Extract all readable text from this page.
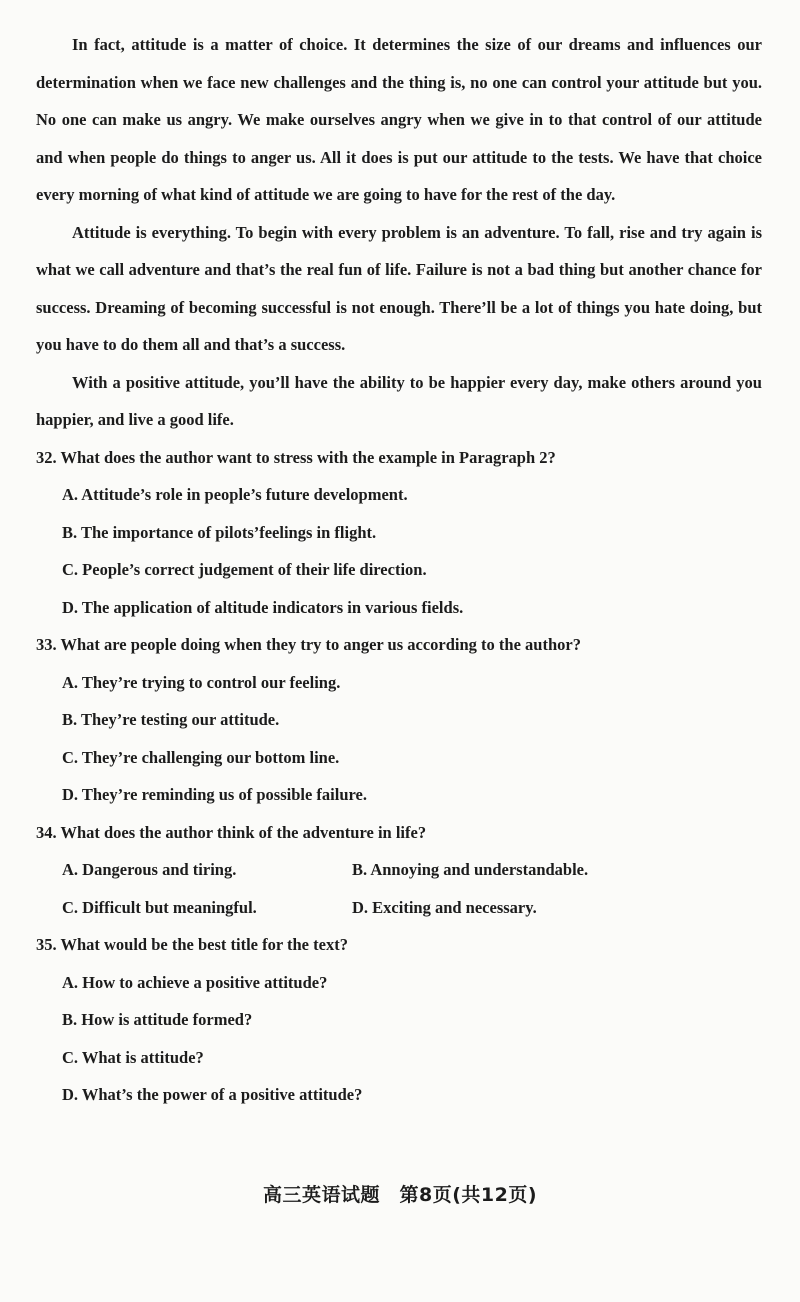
In fact, attitude is a matter of choice. It determines the size of our dreams and influences our determination when we face new challenges and the thing is, no one can control your attitude but you. No one can make us angry. We make ourselves angry when we give in to that control of our attitude and when people do things to anger us. All it does is put our attitude to the tests. We have that choice every morning of what kind of attitude we are going to have for the rest of the day.

Attitude is everything. To begin with every problem is an adventure. To fall, rise and try again is what we call adventure and that’s the real fun of life. Failure is not a bad thing but another chance for success. Dreaming of becoming successful is not enough. There’ll be a lot of things you hate doing, but you have to do them all and that’s a success.

With a positive attitude, you’ll have the ability to be happier every day, make others around you happier, and live a good life.

32. What does the author want to stress with the example in Paragraph 2?

A. Attitude’s role in people’s future development.

B. The importance of pilots’feelings in flight.

C. People’s correct judgement of their life direction.

D. The application of altitude indicators in various fields.

33. What are people doing when they try to anger us according to the author?

A. They’re trying to control our feeling.

B. They’re testing our attitude.

C. They’re challenging our bottom line.

D. They’re reminding us of possible failure.

34. What does the author think of the adventure in life?

A. Dangerous and tiring.	B. Annoying and understandable.
C. Difficult but meaningful.	D. Exciting and necessary.

35. What would be the best title for the text?

A. How to achieve a positive attitude?

B. How is attitude formed?

C. What is attitude?

D. What’s the power of a positive attitude?

高三英语试题　第8页(共12页)
